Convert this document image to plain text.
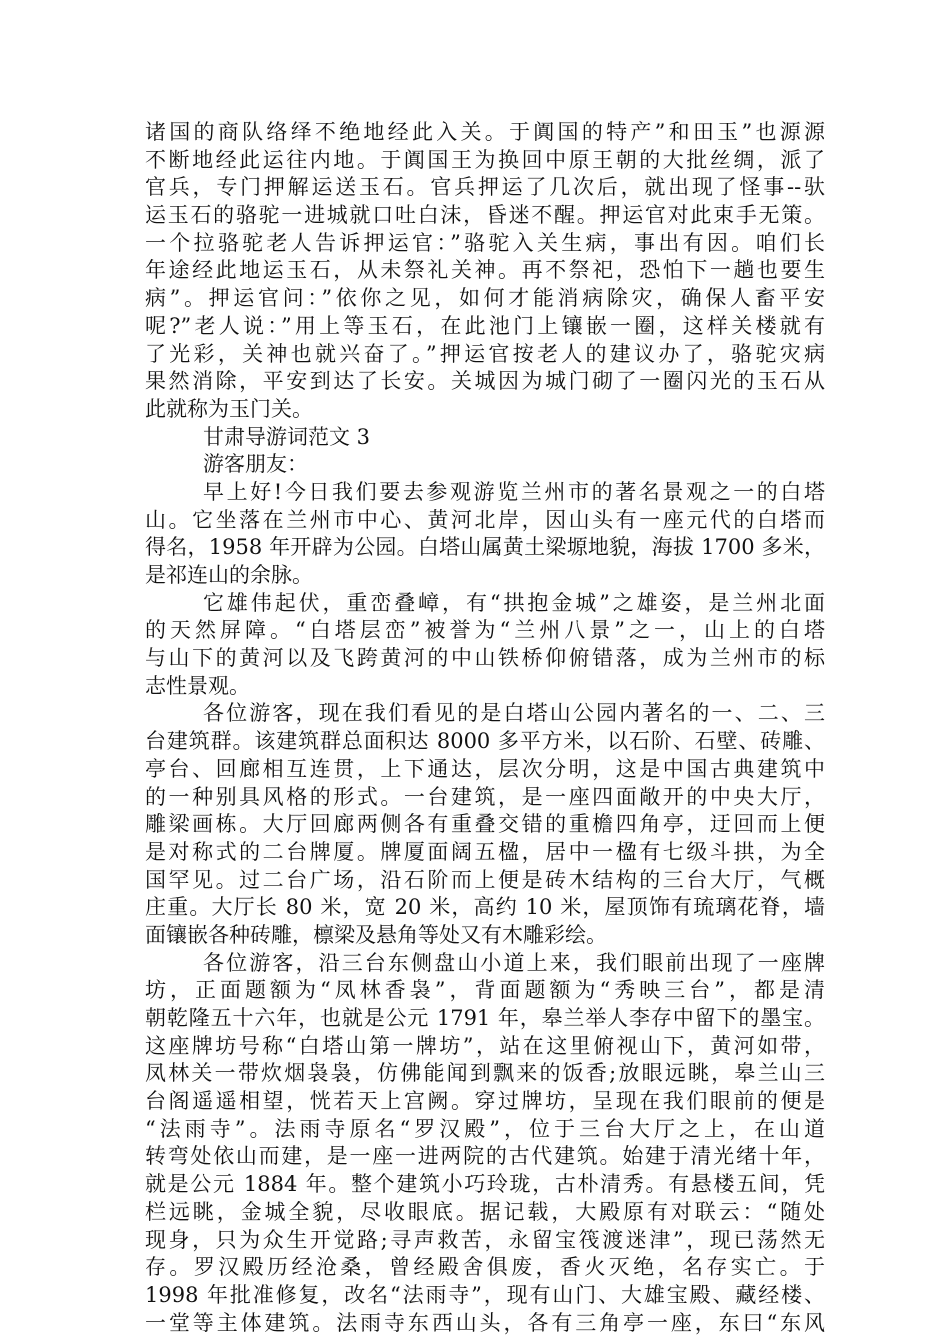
诸国的商队络绎不绝地经此入关。于阗国的特产”和田玉”也源源
不断地经此运往内地。于阗国王为换回中原王朝的大批丝绸，派了
官兵，专门押解运送玉石。官兵押运了几次后，就出现了怪事--驮
运玉石的骆驼一进城就口吐白沫，昏迷不醒。押运官对此束手无策。
一个拉骆驼老人告诉押运官：”骆驼入关生病，事出有因。咱们长
年途经此地运玉石，从未祭礼关神。再不祭祀，恐怕下一趟也要生
病”。押运官问：”依你之见，如何才能消病除灾，确保人畜平安
呢?”老人说：”用上等玉石，在此池门上镶嵌一圈，这样关楼就有
了光彩，关神也就兴奋了。”押运官按老人的建议办了，骆驼灾病
果然消除，平安到达了长安。关城因为城门砌了一圈闪光的玉石从
此就称为玉门关。
甘肃导游词范文 3
游客朋友：
早上好!今日我们要去参观游览兰州市的著名景观之一的白塔
山。它坐落在兰州市中心、黄河北岸，因山头有一座元代的白塔而
得名，1958 年开辟为公园。白塔山属黄土梁塬地貌，海拔 1700 多米，
是祁连山的余脉。
它雄伟起伏，重峦叠嶂，有“拱抱金城”之雄姿，是兰州北面
的天然屏障。“白塔层峦”被誉为“兰州八景”之一，山上的白塔
与山下的黄河以及飞跨黄河的中山铁桥仰俯错落，成为兰州市的标
志性景观。
各位游客，现在我们看见的是白塔山公园内著名的一、二、三
台建筑群。该建筑群总面积达 8000 多平方米，以石阶、石壁、砖雕、
亭台、回廊相互连贯，上下通达，层次分明，这是中国古典建筑中
的一种别具风格的形式。一台建筑，是一座四面敞开的中央大厅，
雕梁画栋。大厅回廊两侧各有重叠交错的重檐四角亭，迂回而上便
是对称式的二台牌厦。牌厦面阔五楹，居中一楹有七级斗拱，为全
国罕见。过二台广场，沿石阶而上便是砖木结构的三台大厅，气概
庄重。大厅长 80 米，宽 20 米，高约 10 米，屋顶饰有琉璃花脊，墙
面镶嵌各种砖雕，檩梁及悬角等处又有木雕彩绘。
各位游客，沿三台东侧盘山小道上来，我们眼前出现了一座牌
坊，正面题额为“凤林香袅”，背面题额为“秀映三台”，都是清
朝乾隆五十六年，也就是公元 1791 年，皋兰举人李存中留下的墨宝。
这座牌坊号称“白塔山第一牌坊”，站在这里俯视山下，黄河如带，
凤林关一带炊烟袅袅，仿佛能闻到飘来的饭香;放眼远眺，皋兰山三
台阁遥遥相望，恍若天上宫阙。穿过牌坊，呈现在我们眼前的便是
“法雨寺”。法雨寺原名“罗汉殿”，位于三台大厅之上，在山道
转弯处依山而建，是一座一进两院的古代建筑。始建于清光绪十年，
就是公元 1884 年。整个建筑小巧玲珑，古朴清秀。有悬楼五间，凭
栏远眺，金城全貌，尽收眼底。据记载，大殿原有对联云：“随处
现身，只为众生开觉路;寻声救苦，永留宝筏渡迷津”，现已荡然无
存。罗汉殿历经沧桑，曾经殿舍俱废，香火灭绝，名存实亡。于
1998 年批准修复，改名“法雨寺”，现有山门、大雄宝殿、藏经楼、
一堂等主体建筑。法雨寺东西山头，各有三角亭一座，东曰“东风
